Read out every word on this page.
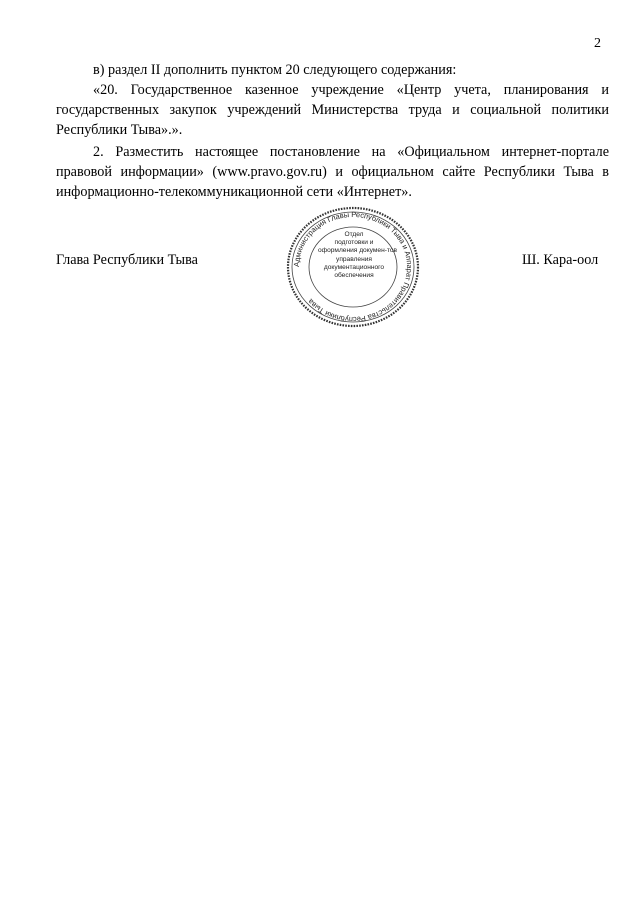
2

в) раздел II дополнить пунктом 20 следующего содержания:

«20. Государственное казенное учреждение «Центр учета, планирования и государственных закупок учреждений Министерства труда и социальной политики Республики Тыва».».

2. Разместить настоящее постановление на «Официальном интернет-портале правовой информации» (www.pravo.gov.ru) и официальном сайте Республики Тыва в информационно-телекоммуникационной сети «Интернет».

Глава Республики Тыва	Ш. Кара-оол
Администрация Главы Республики Тыва и Аппарат Правительства Республики Тыва
Отдел
подготовки и
оформления докумен-тов
управления
документационного
обеспечения
